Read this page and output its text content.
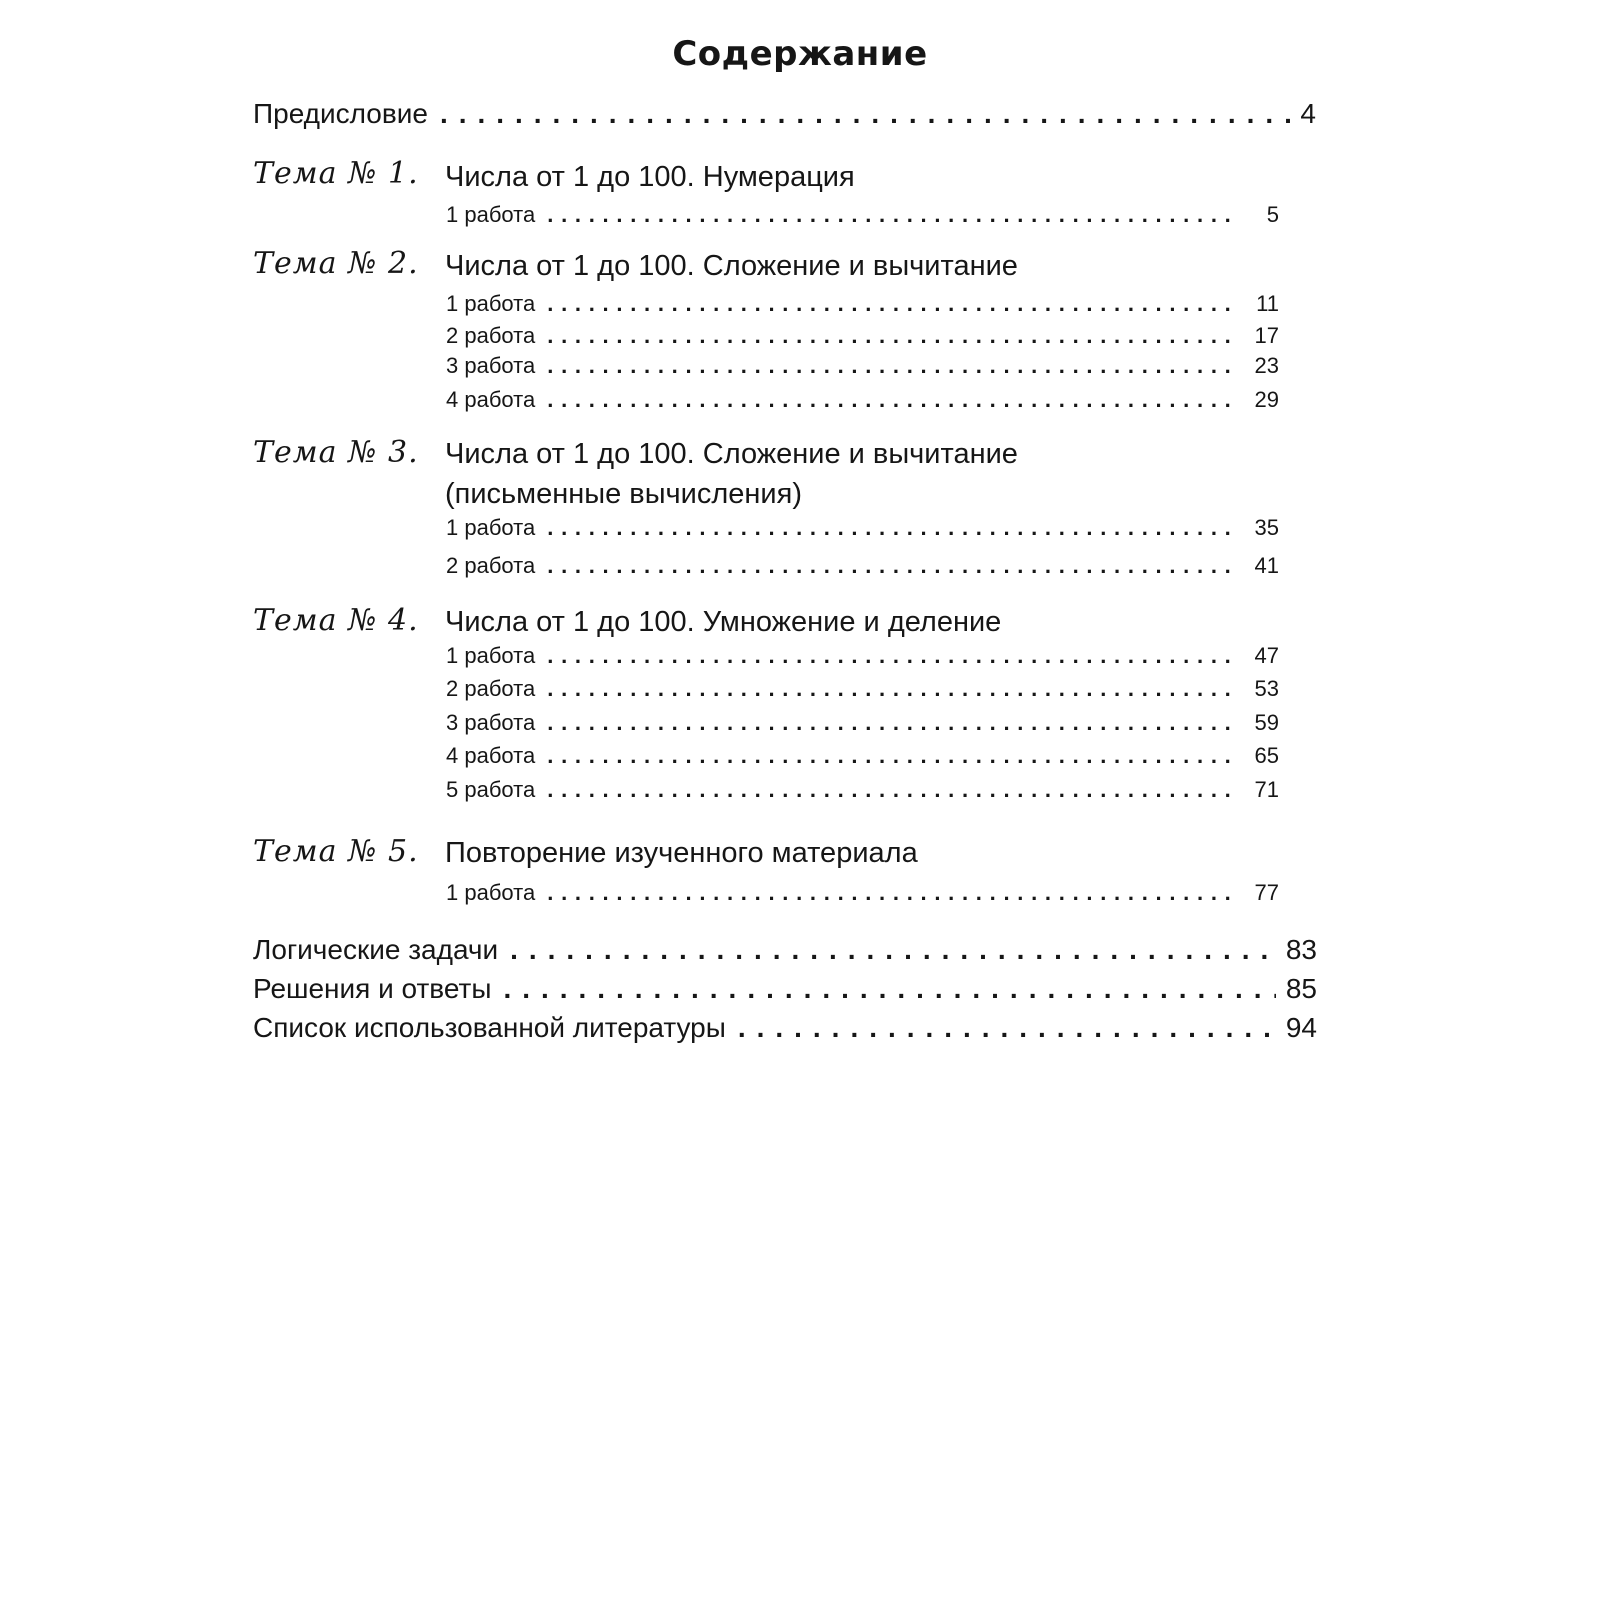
Содержание
Предисловие . . .	4
Тема № 1. Числа от 1 до 100. Нумерация
1 работа . . .	5
Тема № 2. Числа от 1 до 100. Сложение и вычитание
1 работа . . .	11
2 работа . . .	17
3 работа . . .	23
4 работа . . .	29
Тема № 3. Числа от 1 до 100. Сложение и вычитание
(письменные вычисления)
1 работа . . .	35
2 работа . . .	41
Тема № 4. Числа от 1 до 100. Умножение и деление
1 работа . . .	47
2 работа . . .	53
3 работа . . .	59
4 работа . . .	65
5 работа . . .	71
Тема № 5. Повторение изученного материала
1 работа . . .	77
Логические задачи . . .	83
Решения и ответы . . .	85
Список использованной литературы . . .	94
